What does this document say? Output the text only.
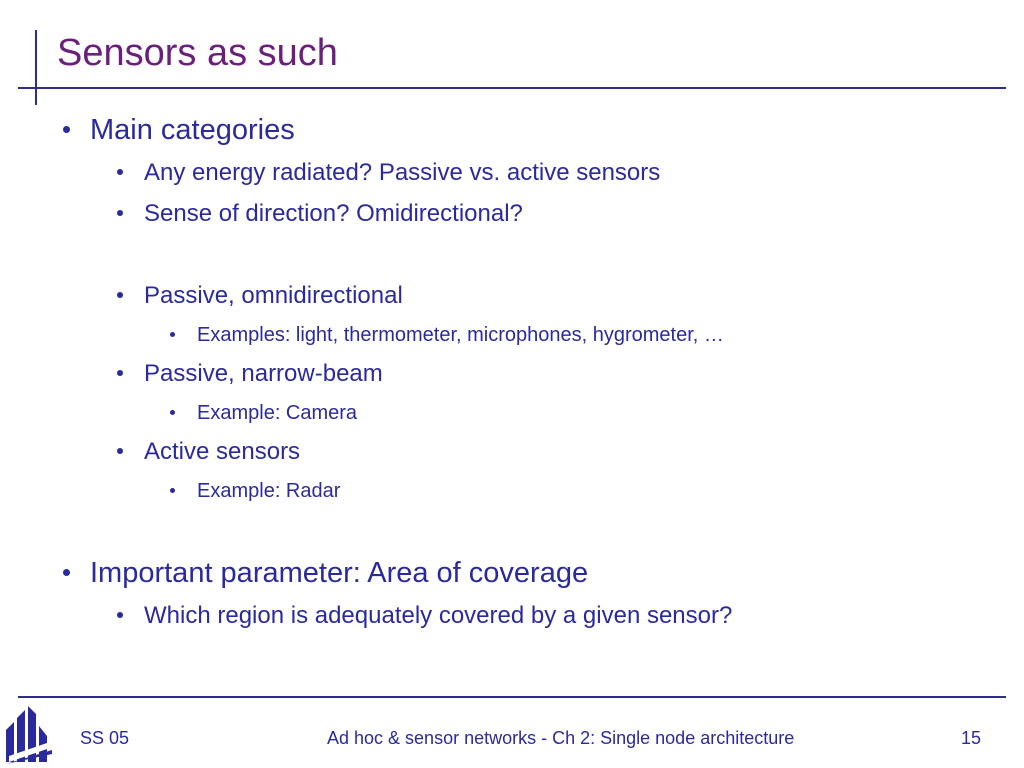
Sensors as such
Main categories
Any energy radiated? Passive vs. active sensors
Sense of direction? Omidirectional?
Passive, omnidirectional
Examples: light, thermometer, microphones, hygrometer, …
Passive, narrow-beam
Example: Camera
Active sensors
Example: Radar
Important parameter: Area of coverage
Which region is adequately covered by a given sensor?
SS 05	Ad hoc & sensor networks - Ch 2: Single node architecture	15
